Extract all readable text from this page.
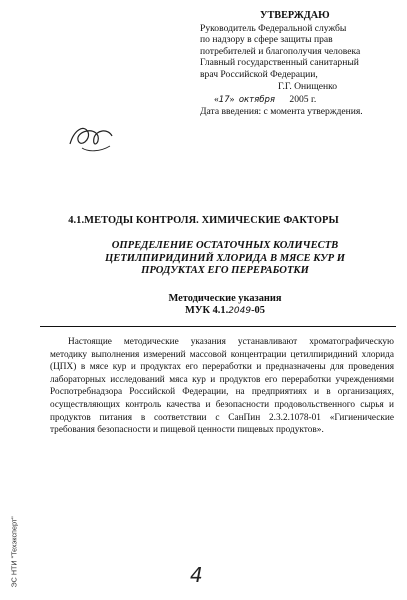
УТВЕРЖДАЮ
Руководитель Федеральной службы
по надзору в сфере защиты прав
потребителей и благополучия человека
Главный государственный санитарный
врач Российской Федерации,
Г.Г. Онищенко
«17» октября 2005 г.
Дата введения: с момента утверждения.
4.1.МЕТОДЫ КОНТРОЛЯ. ХИМИЧЕСКИЕ ФАКТОРЫ
ОПРЕДЕЛЕНИЕ ОСТАТОЧНЫХ КОЛИЧЕСТВ
ЦЕТИЛПИРИДИНИЙ ХЛОРИДА В МЯСЕ КУР И
ПРОДУКТАХ ЕГО ПЕРЕРАБОТКИ
Методические указания
МУК 4.1.2049-05
Настоящие методические указания устанавливают хроматографическую методику выполнения измерений массовой концентрации цетилпиридиний хлорида (ЦПХ) в мясе кур и продуктах его переработки и предназначены для проведения лабораторных исследований мяса кур и продуктов его переработки учреждениями Роспотребнадзора Российской Федерации, на предприятиях и в организациях, осуществляющих контроль качества и безопасности продовольственного сырья и продуктов питания в соответствии с СанПин 2.3.2.1078-01 «Гигиенические требования безопасности и пищевой ценности пищевых продуктов».
ЭС НТИ "Техэксперт"	4
